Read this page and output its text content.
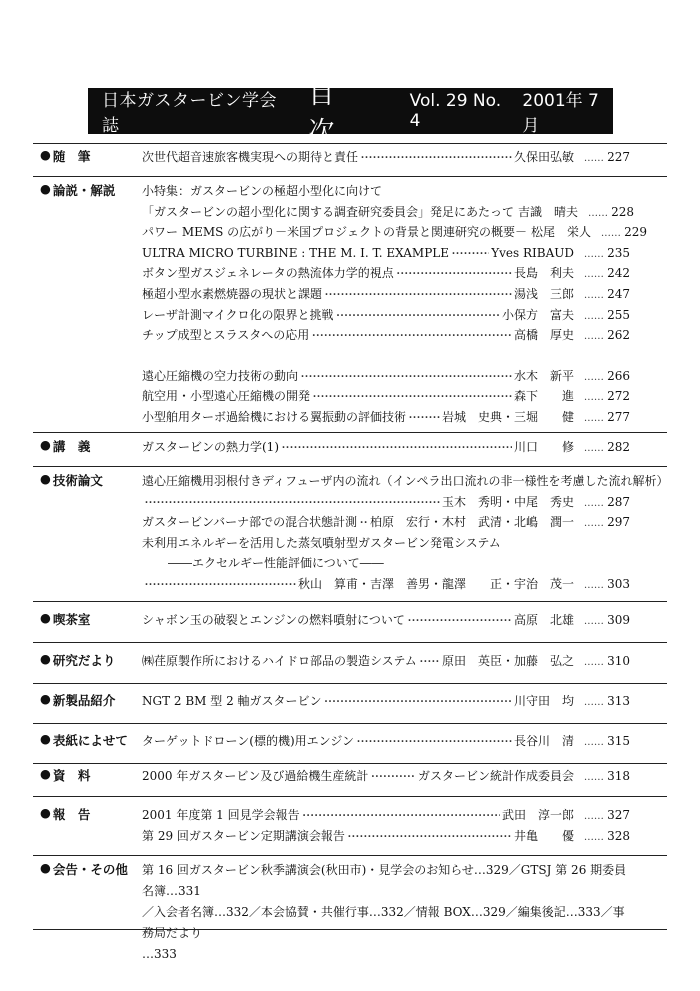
日本ガスタービン学会誌
目 次
Vol. 29 No. 4
2001年 7 月
● 随　筆	次世代超音速旅客機実現への期待と責任 ･････････････････････････････････････････････････････････････････････････････････････････････････････････････････････････････････	久保田弘敏	…… 227
● 論説・解説 小特集：ガスタービンの極超小型化に向けて
「ガスタービンの超小型化に関する調査研究委員会」発足にあたって 吉識　晴夫	…… 228
パワー MEMS の広がり－米国プロジェクトの背景と関連研究の概要－ 松尾　栄人	…… 229
ULTRA MICRO TURBINE : THE M. I. T. EXAMPLE ･････････････････････････････････････････････････････････････････････････････････････････････････････････････････････････････････	Yves RIBAUD	…… 235
ボタン型ガスジェネレータの熱流体力学的視点 ･････････････････････････････････････････････････････････････････････････････････････････････････････････････････････････････････	長島　利夫	…… 242
極超小型水素燃焼器の現状と課題 ･････････････････････････････････････････････････････････････････････････････････････････････････････････････････････････････････	湯浅　三郎	…… 247
レーザ計測マイクロ化の限界と挑戦 ･････････････････････････････････････････････････････････････････････････････････････････････････････････････････････････････････	小保方　富夫	…… 255
チップ成型とスラスタへの応用 ･････････････････････････････････････････････････････････････････････････････････････････････････････････････････････････････････	高橋　厚史	…… 262
遠心圧縮機の空力技術の動向 ･････････････････････････････････････････････････････････････････････････････････････････････････････････････････････････････････	水木　新平	…… 266
航空用・小型遠心圧縮機の開発 ･････････････････････････････････････････････････････････････････････････････････････････････････････････････････････････････････	森下　　進	…… 272
小型舶用ターボ過給機における翼振動の評価技術 ･････････････････････････････････････････････････････････････････････････････････････････････････････････････････････････････････	岩城　史典・三堀　　健	…… 277
● 講　義	ガスタービンの熱力学(1) ･････････････････････････････････････････････････････････････････････････････････････････････････････････････････････････････････	川口　　修	…… 282
● 技術論文	遠心圧縮機用羽根付きディフューザ内の流れ（インペラ出口流れの非一様性を考慮した流れ解析）
･････････････････････････････････････････････････････････････････････････････････････････････････････････････････････････････････
玉木　秀明・中尾　秀史	…… 287
ガスタービンバーナ部での混合状態計測 ･････････････････････････････････････････････････････････････････････････････････････････････････････････････････････････････････ 柏原　宏行・木村　武清・北嶋　潤一	…… 297
未利用エネルギーを活用した蒸気噴射型ガスタービン発電システム
――エクセルギー性能評価について――
･････････････････････････････････････････････････････････････････････････････････････････････････････････････････････････････････
秋山　算甫・吉澤　善男・龍澤　　正・宇治　茂一	…… 303
● 喫茶室	シャボン玉の破裂とエンジンの燃料噴射について ･････････････････････････････････････････････････････････････････････････････････････････････････････････････････････････････････	高原　北雄	…… 309
● 研究だより ㈱荏原製作所におけるハイドロ部品の製造システム ･････････････････････････････････････････････････････････････････････････････････････････････････････････････････････････････････ 原田　英臣・加藤　弘之	…… 310
● 新製品紹介 NGT 2 BM 型 2 軸ガスタービン ･････････････････････････････････････････････････････････････････････････････････････････････････････････････････････････････････	川守田　均	…… 313
● 表紙によせて ターゲットドローン(標的機)用エンジン ･････････････････････････････････････････････････････････････････････････････････････････････････････････････････････････････････	長谷川　清	…… 315
● 資　料	2000 年ガスタービン及び過給機生産統計 ･････････････････････････････････････････････････････････････････････････････････････････････････････････････････････････････････	ガスタービン統計作成委員会	…… 318
● 報　告	2001 年度第 1 回見学会報告 ･････････････････････････････････････････････････････････････････････････････････････････････････････････････････････････････････	武田　淳一郎	…… 327
第 29 回ガスタービン定期講演会報告 ･････････････････････････････････････････････････････････････････････････････････････････････････････････････････････････････････	井亀　　優	…… 328
● 会告・その他 第 16 回ガスタービン秋季講演会(秋田市)・見学会のお知らせ…329／GTSJ 第 26 期委員名簿…331
／入会者名簿…332／本会協賛・共催行事…332／情報 BOX…329／編集後記…333／事務局だより
…333
